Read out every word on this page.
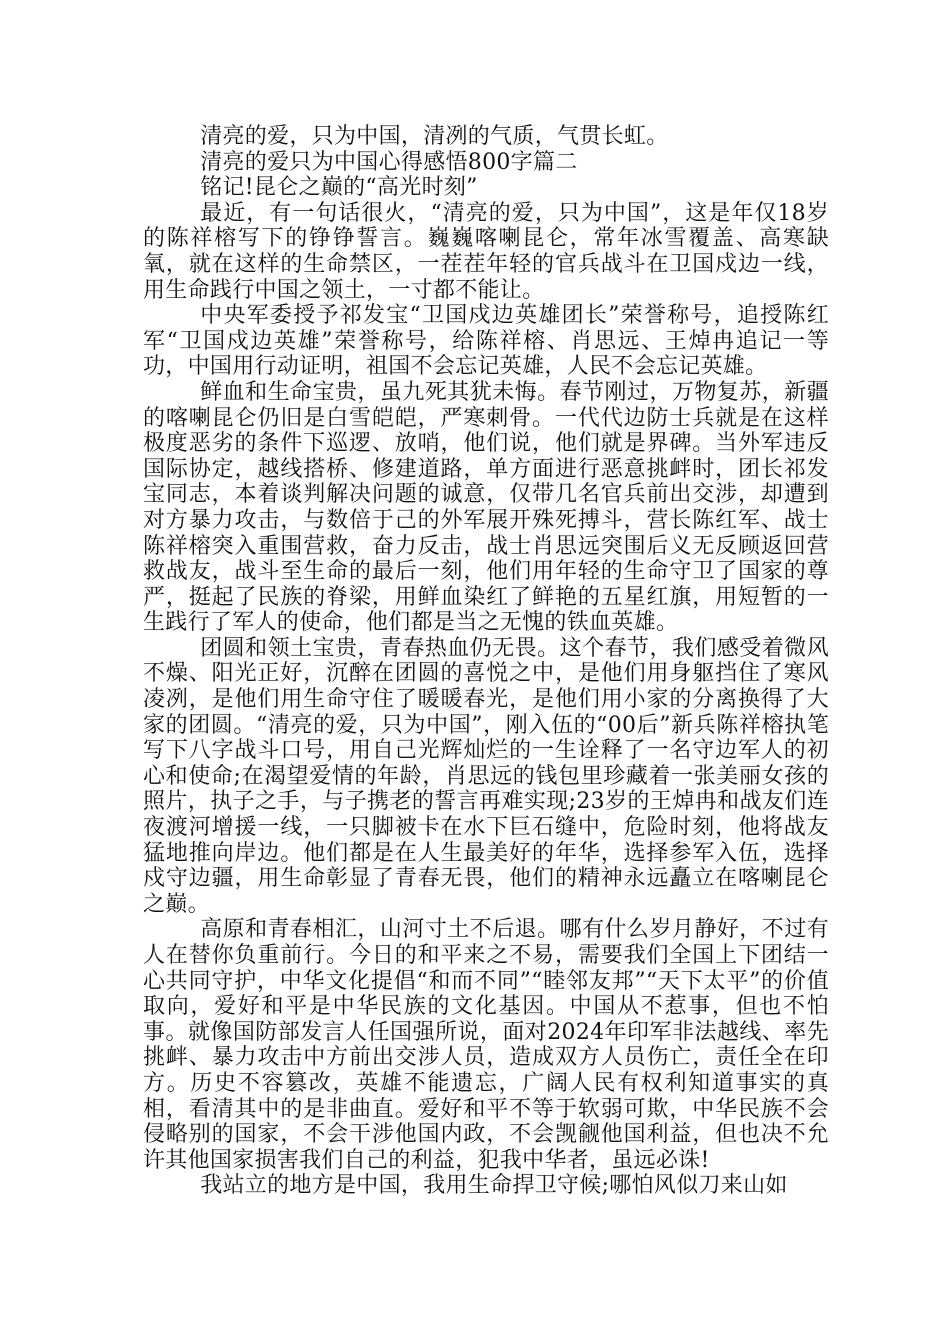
清亮的爱，只为中国，清冽的气质，气贯长虹。

清亮的爱只为中国心得感悟800字篇二

铭记!昆仑之巅的“高光时刻”

最近，有一句话很火，“清亮的爱，只为中国”，这是年仅18岁的陈祥榕写下的铮铮誓言。巍巍喀喇昆仑，常年冰雪覆盖、高寒缺氧，就在这样的生命禁区，一茬茬年轻的官兵战斗在卫国戍边一线，用生命践行中国之领土，一寸都不能让。

中央军委授予祁发宝“卫国戍边英雄团长”荣誉称号，追授陈红军“卫国戍边英雄”荣誉称号，给陈祥榕、肖思远、王焯冉追记一等功，中国用行动证明，祖国不会忘记英雄，人民不会忘记英雄。

鲜血和生命宝贵，虽九死其犹未悔。春节刚过，万物复苏，新疆的喀喇昆仑仍旧是白雪皑皑，严寒刺骨。一代代边防士兵就是在这样极度恶劣的条件下巡逻、放哨，他们说，他们就是界碑。当外军违反国际协定，越线搭桥、修建道路，单方面进行恶意挑衅时，团长祁发宝同志，本着谈判解决问题的诚意，仅带几名官兵前出交涉，却遭到对方暴力攻击，与数倍于己的外军展开殊死搏斗，营长陈红军、战士陈祥榕突入重围营救，奋力反击，战士肖思远突围后义无反顾返回营救战友，战斗至生命的最后一刻，他们用年轻的生命守卫了国家的尊严，挺起了民族的脊梁，用鲜血染红了鲜艳的五星红旗，用短暂的一生践行了军人的使命，他们都是当之无愧的铁血英雄。

团圆和领土宝贵，青春热血仍无畏。这个春节，我们感受着微风不燥、阳光正好，沉醉在团圆的喜悦之中，是他们用身躯挡住了寒风凌冽，是他们用生命守住了暖暖春光，是他们用小家的分离换得了大家的团圆。“清亮的爱，只为中国”，刚入伍的“00后”新兵陈祥榕执笔写下八字战斗口号，用自己光辉灿烂的一生诠释了一名守边军人的初心和使命;在渴望爱情的年龄，肖思远的钱包里珍藏着一张美丽女孩的照片，执子之手，与子携老的誓言再难实现;23岁的王焯冉和战友们连夜渡河增援一线，一只脚被卡在水下巨石缝中，危险时刻，他将战友猛地推向岸边。他们都是在人生最美好的年华，选择参军入伍，选择戍守边疆，用生命彰显了青春无畏，他们的精神永远矗立在喀喇昆仑之巅。

高原和青春相汇，山河寸土不后退。哪有什么岁月静好，不过有人在替你负重前行。今日的和平来之不易，需要我们全国上下团结一心共同守护，中华文化提倡“和而不同”“睦邻友邦”“天下太平”的价值取向，爱好和平是中华民族的文化基因。中国从不惹事，但也不怕事。就像国防部发言人任国强所说，面对2024年印军非法越线、率先挑衅、暴力攻击中方前出交涉人员，造成双方人员伤亡，责任全在印方。历史不容篡改，英雄不能遗忘，广阔人民有权利知道事实的真相，看清其中的是非曲直。爱好和平不等于软弱可欺，中华民族不会侵略别的国家，不会干涉他国内政，不会觊觎他国利益，但也决不允许其他国家损害我们自己的利益，犯我中华者，虽远必诛!

我站立的地方是中国，我用生命捍卫守候;哪怕风似刀来山如
